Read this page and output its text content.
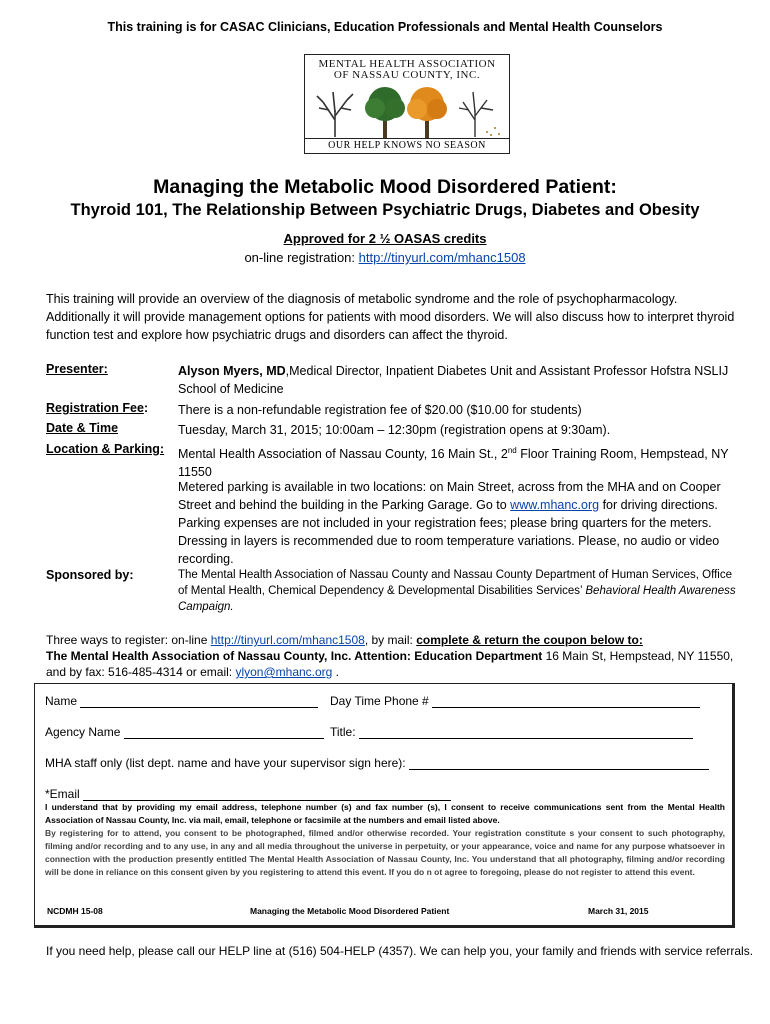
This training is for CASAC Clinicians, Education Professionals and Mental Health Counselors
MENTAL HEALTH ASSOCIATION
OF NASSAU COUNTY, INC.
OUR HELP KNOWS NO SEASON
Managing the Metabolic Mood Disordered Patient:
Thyroid 101, The Relationship Between Psychiatric Drugs, Diabetes and Obesity
Approved for 2 ½ OASAS credits
on-line registration: http://tinyurl.com/mhanc1508
This training will provide an overview of the diagnosis of metabolic syndrome and the role of psychopharmacology. Additionally it will provide management options for patients with mood disorders. We will also discuss how to interpret thyroid function test and explore how psychiatric drugs and disorders can affect the thyroid.
Presenter:	Alyson Myers, MD,Medical Director, Inpatient Diabetes Unit and Assistant Professor Hofstra NSLIJ School of Medicine
Registration Fee: There is a non-refundable registration fee of $20.00 ($10.00 for students)
Date & Time	Tuesday, March 31, 2015; 10:00am – 12:30pm (registration opens at 9:30am).
Location & Parking: Mental Health Association of Nassau County, 16 Main St., 2nd Floor Training Room, Hempstead, NY 11550
Metered parking is available in two locations: on Main Street, across from the MHA and on Cooper Street and behind the building in the Parking Garage. Go to www.mhanc.org for driving directions. Parking expenses are not included in your registration fees; please bring quarters for the meters. Dressing in layers is recommended due to room temperature variations. Please, no audio or video recording.
Sponsored by:	The Mental Health Association of Nassau County and Nassau County Department of Human Services, Office of Mental Health, Chemical Dependency & Developmental Disabilities Services’ Behavioral Health Awareness Campaign.
Three ways to register: on-line http://tinyurl.com/mhanc1508, by mail: complete & return the coupon below to:
The Mental Health Association of Nassau County, Inc. Attention: Education Department 16 Main St, Hempstead, NY 11550,
and by fax: 516-485-4314 or email: ylyon@mhanc.org .
Name	Day Time Phone #
Agency Name	Title:
MHA staff only (list dept. name and have your supervisor sign here):
*Email
I understand that by providing my email address, telephone number (s) and fax number (s), I consent to receive communications sent from the Mental Health Association of Nassau County, Inc. via mail, email, telephone or facsimile at the numbers and email listed above.
By registering for to attend, you consent to be photographed, filmed and/or otherwise recorded. Your registration constitute s your consent to such photography, filming and/or recording and to any use, in any and all media throughout the universe in perpetuity, or your appearance, voice and name for any purpose whatsoever in connection with the production presently entitled The Mental Health Association of Nassau County, Inc. You understand that all photography, filming and/or recording will be done in reliance on this consent given by you registering to attend this event. If you do n ot agree to foregoing, please do not register to attend this event.
NCDMH 15-08	Managing the Metabolic Mood Disordered Patient	March 31, 2015
If you need help, please call our HELP line at (516) 504-HELP (4357). We can help you, your family and friends with service referrals.
